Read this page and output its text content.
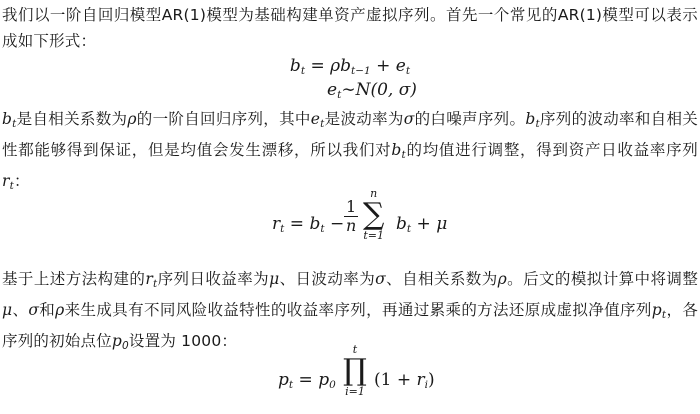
我们以一阶自回归模型AR(1)模型为基础构建单资产虚拟序列。首先一个常见的AR(1)模型可以表示成如下形式：
$b_t = \rho b_{t-1} + e_t$
$e_t\sim N(0$, σ)
$b_t$是自相关系数为ρ的一阶自回归序列，其中$e_t$是波动率为σ的白噪声序列。$b_t$序列的波动率和自相关性都能够得到保证，但是均值会发生漂移，所以我们对$b_t$的均值进行调整，得到资产日收益率序列$r_t$：
$r_t = b_t - \frac{1}{n}$
n
∑
t=1
$b_t + \mu$
基于上述方法构建的$r_t$序列日收益率为μ、日波动率为σ、自相关系数为ρ。后文的模拟计算中将调整μ、σ和ρ来生成具有不同风险收益特性的收益率序列，再通过累乘的方法还原成虚拟净值序列$p_t$，各序列的初始点位$p_0$设置为 1000：
$p_t = p_0$
t
∏
i=1
$(1 + r_i)$
